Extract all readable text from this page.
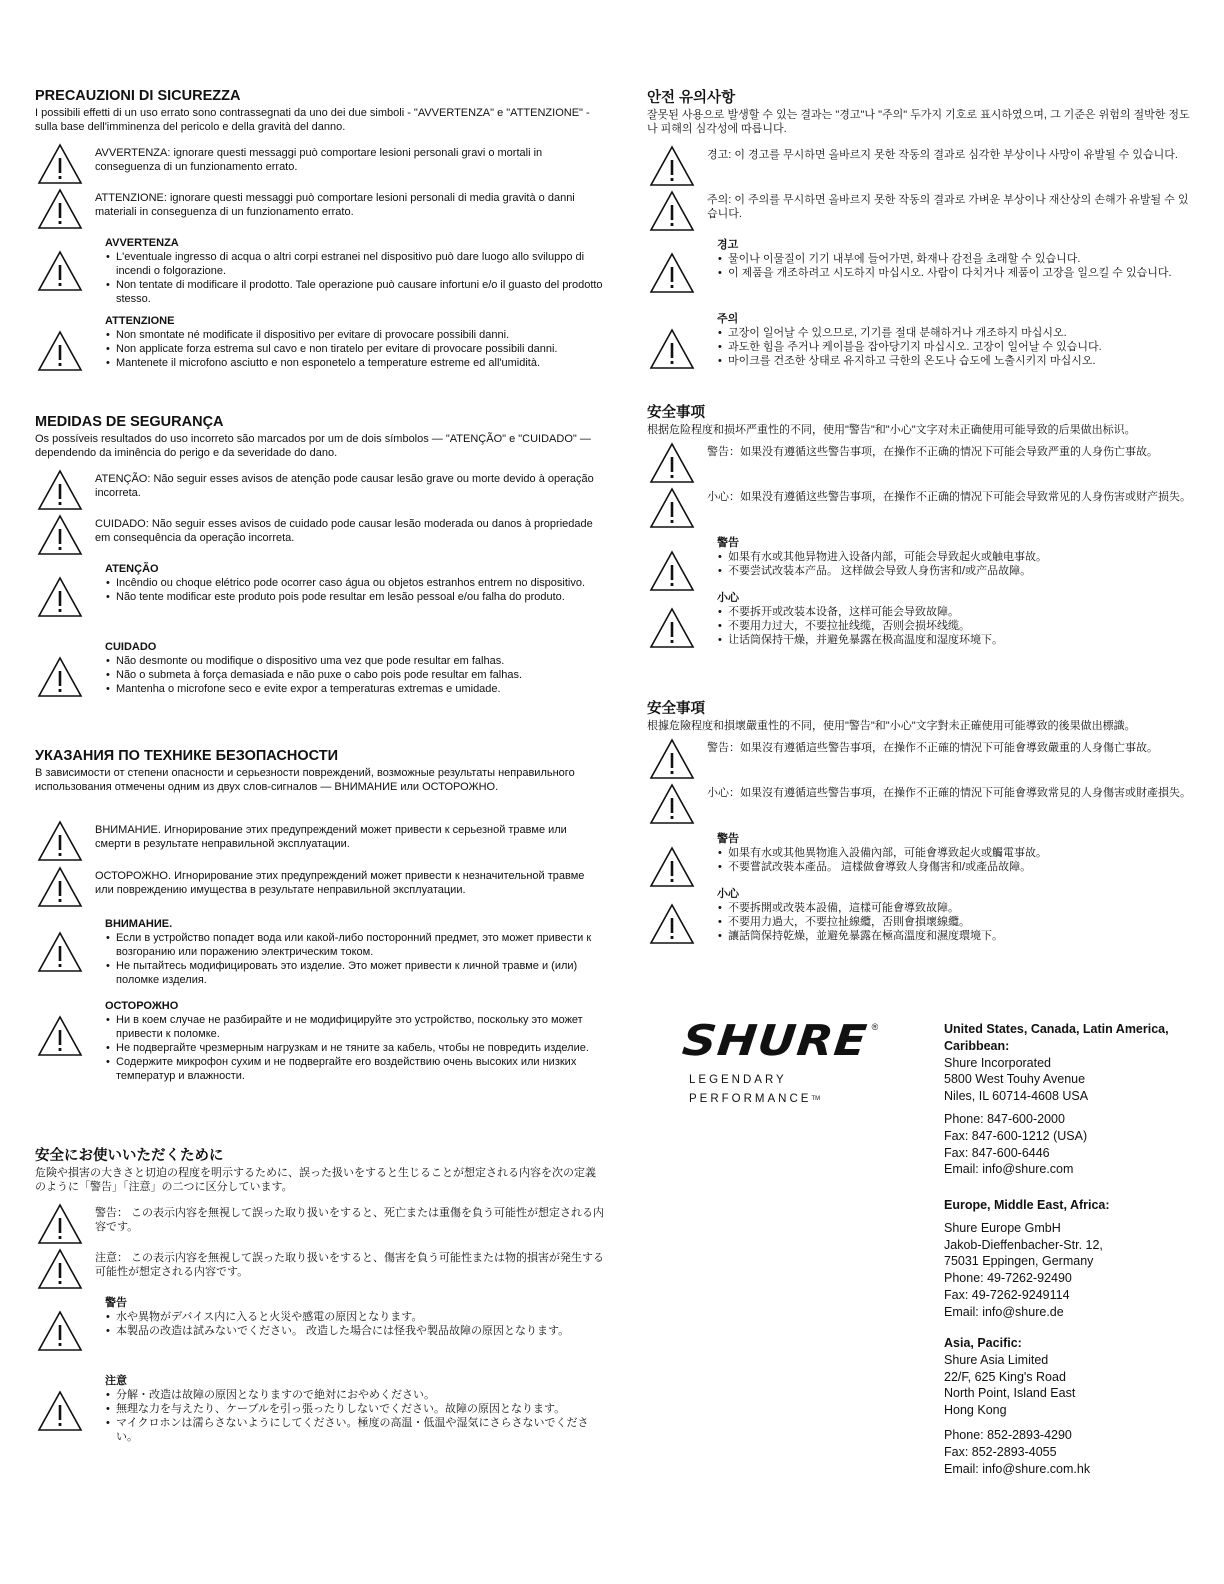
PRECAUZIONI DI SICUREZZA
I possibili effetti di un uso errato sono contrassegnati da uno dei due simboli - "AVVERTENZA" e "ATTENZIONE" - sulla base dell'imminenza del pericolo e della gravità del danno.
AVVERTENZA: ignorare questi messaggi può comportare lesioni personali gravi o mortali in conseguenza di un funzionamento errato.
ATTENZIONE: ignorare questi messaggi può comportare lesioni personali di media gravità o danni materiali in conseguenza di un funzionamento errato.
AVVERTENZA
• L'eventuale ingresso di acqua o altri corpi estranei nel dispositivo può dare luogo allo sviluppo di incendi o folgorazione.
• Non tentate di modificare il prodotto. Tale operazione può causare infortuni e/o il guasto del prodotto stesso.
ATTENZIONE
• Non smontate né modificate il dispositivo per evitare di provocare possibili danni.
• Non applicate forza estrema sul cavo e non tiratelo per evitare di provocare possibili danni.
• Mantenete il microfono asciutto e non esponetelo a temperature estreme ed all'umidità.
MEDIDAS DE SEGURANÇA
Os possíveis resultados do uso incorreto são marcados por um de dois símbolos — "ATENÇÃO" e "CUIDADO" — dependendo da iminência do perigo e da severidade do dano.
ATENÇÃO: Não seguir esses avisos de atenção pode causar lesão grave ou morte devido à operação incorreta.
CUIDADO: Não seguir esses avisos de cuidado pode causar lesão moderada ou danos à propriedade em consequência da operação incorreta.
ATENÇÃO
• Incêndio ou choque elétrico pode ocorrer caso água ou objetos estranhos entrem no dispositivo.
• Não tente modificar este produto pois pode resultar em lesão pessoal e/ou falha do produto.
CUIDADO
• Não desmonte ou modifique o dispositivo uma vez que pode resultar em falhas.
• Não o submeta à força demasiada e não puxe o cabo pois pode resultar em falhas.
• Mantenha o microfone seco e evite expor a temperaturas extremas e umidade.
УКАЗАНИЯ ПО ТЕХНИКЕ БЕЗОПАСНОСТИ
В зависимости от степени опасности и серьезности повреждений, возможные результаты неправильного использования отмечены одним из двух слов-сигналов — ВНИМАНИЕ или ОСТОРОЖНО.
ВНИМАНИЕ. Игнорирование этих предупреждений может привести к серьезной травме или смерти в результате неправильной эксплуатации.
ОСТОРОЖНО. Игнорирование этих предупреждений может привести к незначительной травме или повреждению имущества в результате неправильной эксплуатации.
ВНИМАНИЕ.
• Если в устройство попадет вода или какой-либо посторонний предмет, это может привести к возгоранию или поражению электрическим током.
• Не пытайтесь модифицировать это изделие. Это может привести к личной травме и (или) поломке изделия.
ОСТОРОЖНО
• Ни в коем случае не разбирайте и не модифицируйте это устройство, поскольку это может привести к поломке.
• Не подвергайте чрезмерным нагрузкам и не тяните за кабель, чтобы не повредить изделие.
• Содержите микрофон сухим и не подвергайте его воздействию очень высоких или низких температур и влажности.
安全にお使いいただくために
危険や損害の大きさと切迫の程度を明示するために、誤った扱いをすると生じることが想定される内容を次の定義のように「警告」「注意」の二つに区分しています。
警告： この表示内容を無視して誤った取り扱いをすると、死亡または重傷を負う可能性が想定される内容です。
注意： この表示内容を無視して誤った取り扱いをすると、傷害を負う可能性または物的損害が発生する可能性が想定される内容です。
警告
• 水や異物がデバイス内に入ると火災や感電の原因となります。
• 本製品の改造は試みないでください。 改造した場合には怪我や製品故障の原因となります。
注意
• 分解・改造は故障の原因となりますので絶対におやめください。
• 無理な力を与えたり、ケーブルを引っ張ったりしないでください。故障の原因となります。
• マイクロホンは濡らさないようにしてください。極度の高温・低温や湿気にさらさないでください。
안전 유의사항
잘못된 사용으로 발생할 수 있는 결과는 "경고"나 "주의" 두가지 기호로 표시하였으며, 그 기준은 위험의 절박한 정도나 피해의 심각성에 따릅니다.
경고: 이 경고를 무시하면 올바르지 못한 작동의 결과로 심각한 부상이나 사망이 유발될 수 있습니다.
주의: 이 주의를 무시하면 올바르지 못한 작동의 결과로 가벼운 부상이나 재산상의 손해가 유발될 수 있습니다.
경고
• 물이나 이물질이 기기 내부에 들어가면, 화재나 감전을 초래할 수 있습니다.
• 이 제품을 개조하려고 시도하지 마십시오. 사람이 다치거나 제품이 고장을 일으킬 수 있습니다.
주의
• 고장이 일어날 수 있으므로, 기기를 절대 분해하거나 개조하지 마십시오.
• 과도한 힘을 주거나 케이블을 잡아당기지 마십시오. 고장이 일어날 수 있습니다.
• 마이크를 건조한 상태로 유지하고 극한의 온도나 습도에 노출시키지 마십시오.
安全事项
根据危险程度和损坏严重性的不同，使用"警告"和"小心"文字对未正确使用可能导致的后果做出标识。
警告：如果没有遵循这些警告事项，在操作不正确的情况下可能会导致严重的人身伤亡事故。
小心：如果没有遵循这些警告事项，在操作不正确的情况下可能会导致常见的人身伤害或财产损失。
警告
• 如果有水或其他异物进入设备内部，可能会导致起火或触电事故。
• 不要尝试改装本产品。 这样做会导致人身伤害和/或产品故障。
小心
• 不要拆开或改装本设备，这样可能会导致故障。
• 不要用力过大，不要拉扯线缆，否则会损坏线缆。
• 让话筒保持干燥，并避免暴露在极高温度和湿度环境下。
安全事項
根據危險程度和損壞嚴重性的不同，使用"警告"和"小心"文字對未正確使用可能導致的後果做出標識。
警告：如果沒有遵循這些警告事項，在操作不正確的情況下可能會導致嚴重的人身傷亡事故。
小心：如果沒有遵循這些警告事項，在操作不正確的情況下可能會導致常見的人身傷害或財產損失。
警告
• 如果有水或其他異物進入設備內部，可能會導致起火或觸電事故。
• 不要嘗試改裝本產品。 這樣做會導致人身傷害和/或產品故障。
小心
• 不要拆開或改裝本設備，這樣可能會導致故障。
• 不要用力過大，不要拉扯線纜，否則會損壞線纜。
• 讓話筒保持乾燥，並避免暴露在極高溫度和濕度環境下。
SHURE ®
LEGENDARY
PERFORMANCE™
United States, Canada, Latin America, Caribbean:
Shure Incorporated
5800 West Touhy Avenue
Niles, IL 60714-4608 USA
Phone: 847-600-2000
Fax: 847-600-1212 (USA)
Fax: 847-600-6446
Email: info@shure.com
Europe, Middle East, Africa:
Shure Europe GmbH
Jakob-Dieffenbacher-Str. 12,
75031 Eppingen, Germany
Phone: 49-7262-92490
Fax: 49-7262-9249114
Email: info@shure.de
Asia, Pacific:
Shure Asia Limited
22/F, 625 King's Road
North Point, Island East
Hong Kong
Phone: 852-2893-4290
Fax: 852-2893-4055
Email: info@shure.com.hk
